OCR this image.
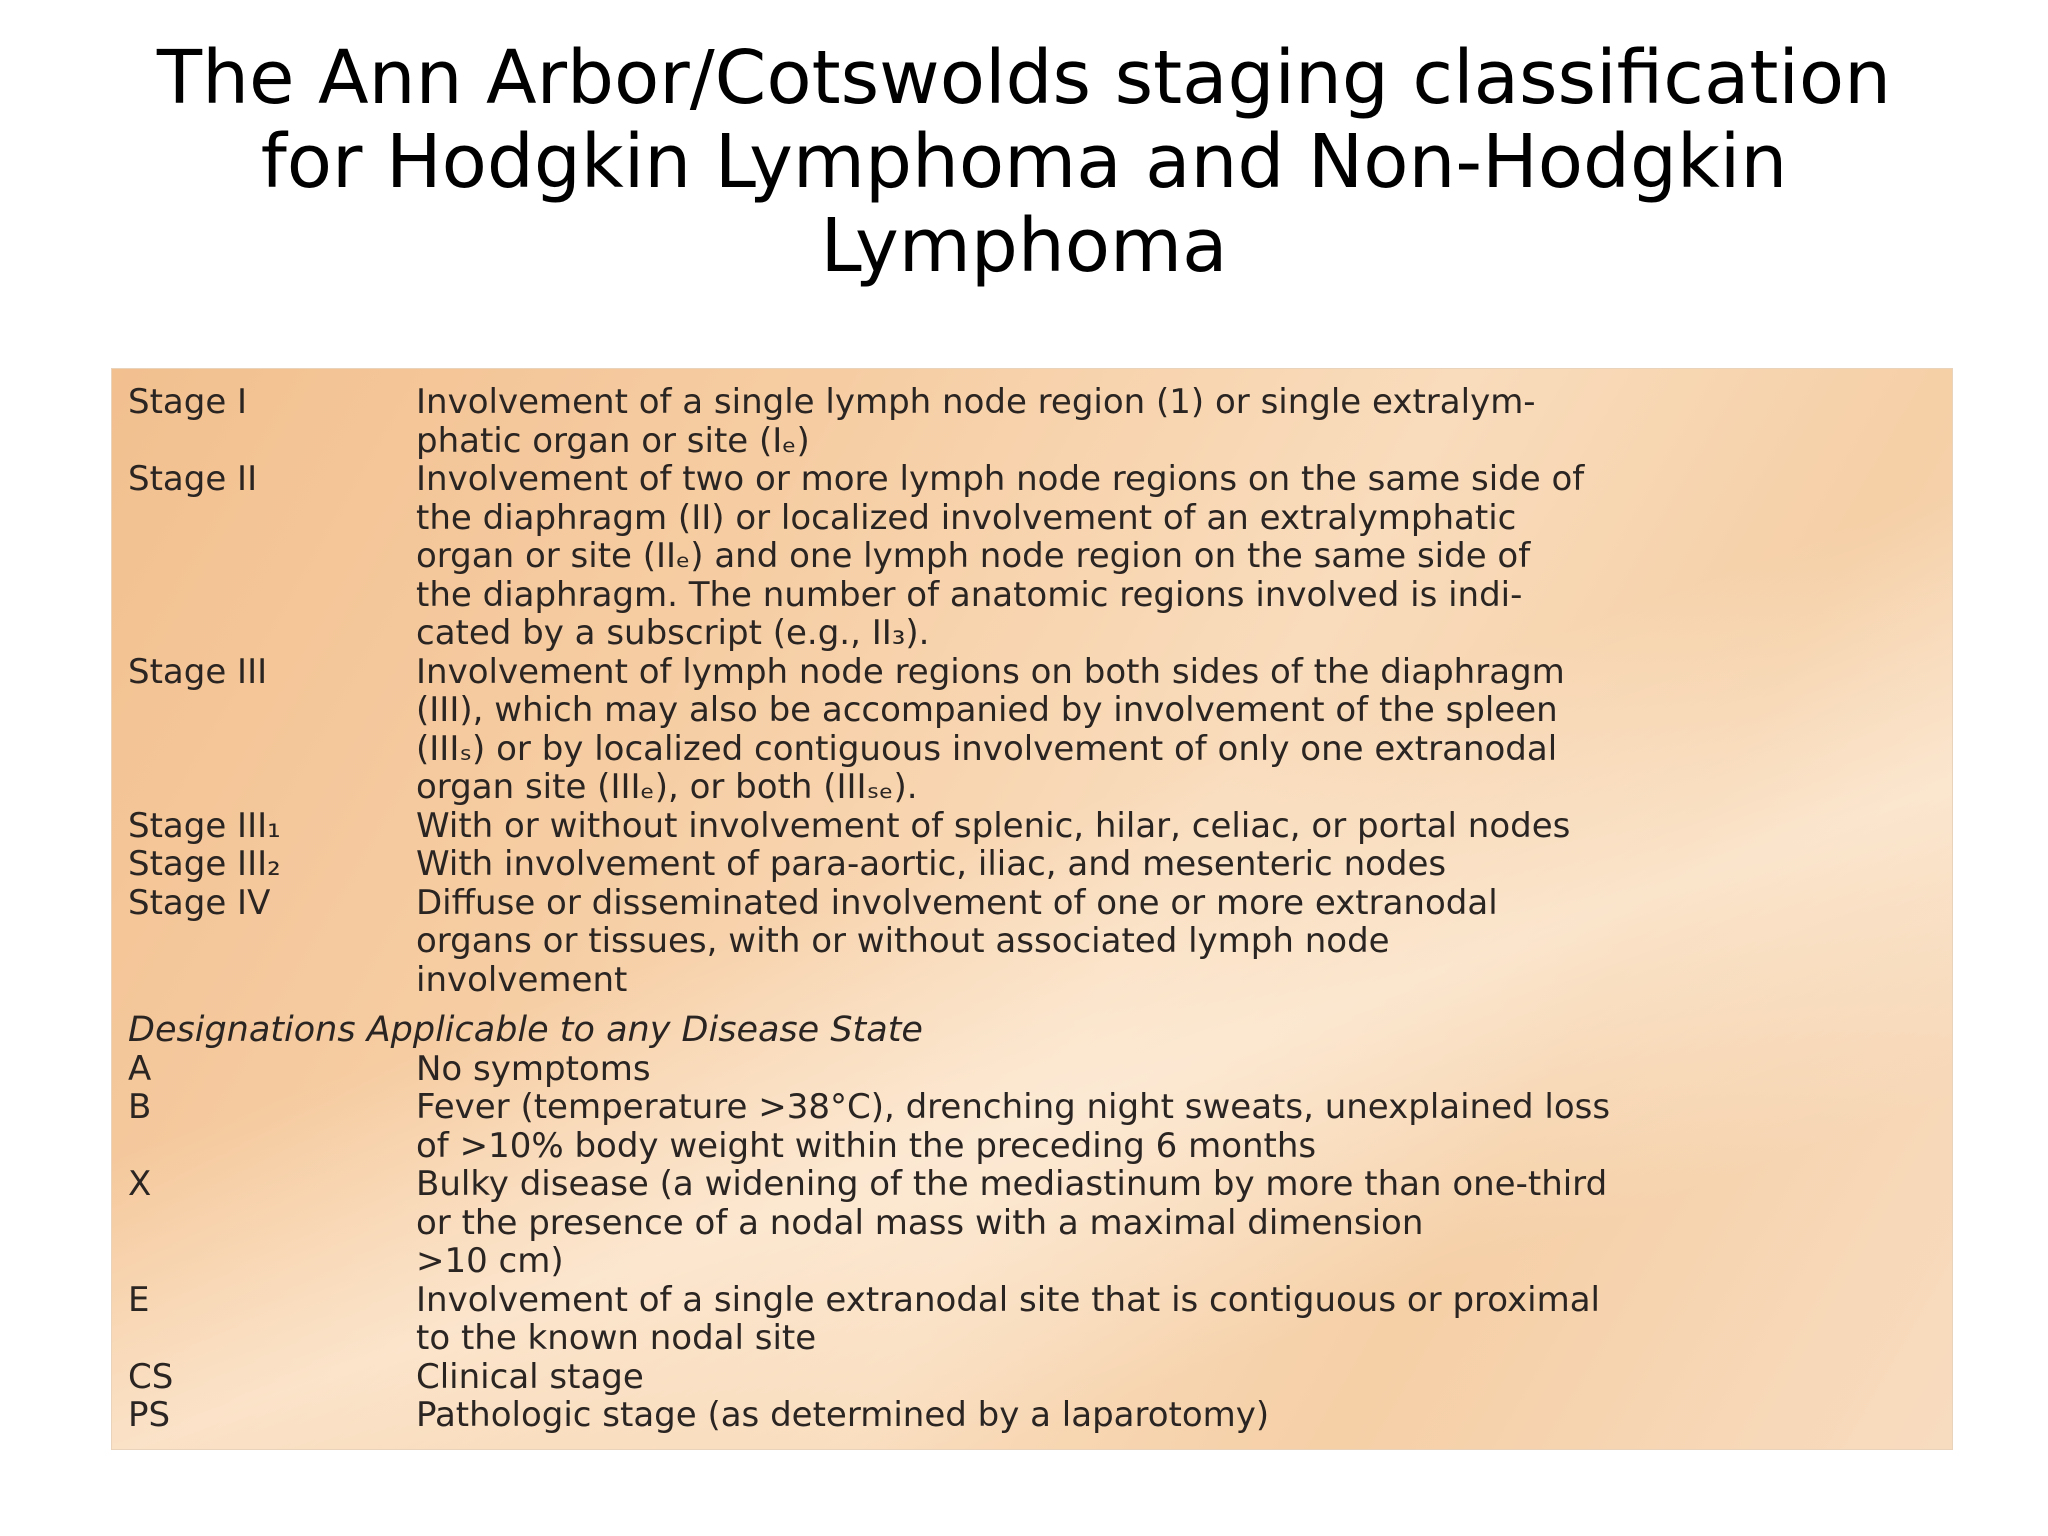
The Ann Arbor/Cotswolds staging classification
for Hodgkin Lymphoma and Non-Hodgkin
Lymphoma
Stage I	Involvement of a single lymph node region (1) or single extralym-
phatic organ or site (Iₑ)
Stage II	Involvement of two or more lymph node regions on the same side of
the diaphragm (II) or localized involvement of an extralymphatic
organ or site (IIₑ) and one lymph node region on the same side of
the diaphragm. The number of anatomic regions involved is indi-
cated by a subscript (e.g., II₃).
Stage III	Involvement of lymph node regions on both sides of the diaphragm
(III), which may also be accompanied by involvement of the spleen
(IIIₛ) or by localized contiguous involvement of only one extranodal
organ site (IIIₑ), or both (IIIₛₑ).
Stage III₁	With or without involvement of splenic, hilar, celiac, or portal nodes
Stage III₂	With involvement of para-aortic, iliac, and mesenteric nodes
Stage IV	Diffuse or disseminated involvement of one or more extranodal
organs or tissues, with or without associated lymph node
involvement
Designations Applicable to any Disease State
A	No symptoms
B	Fever (temperature >38°C), drenching night sweats, unexplained loss
of >10% body weight within the preceding 6 months
X	Bulky disease (a widening of the mediastinum by more than one-third
or the presence of a nodal mass with a maximal dimension
>10 cm)
E	Involvement of a single extranodal site that is contiguous or proximal
to the known nodal site
CS	Clinical stage
PS	Pathologic stage (as determined by a laparotomy)
